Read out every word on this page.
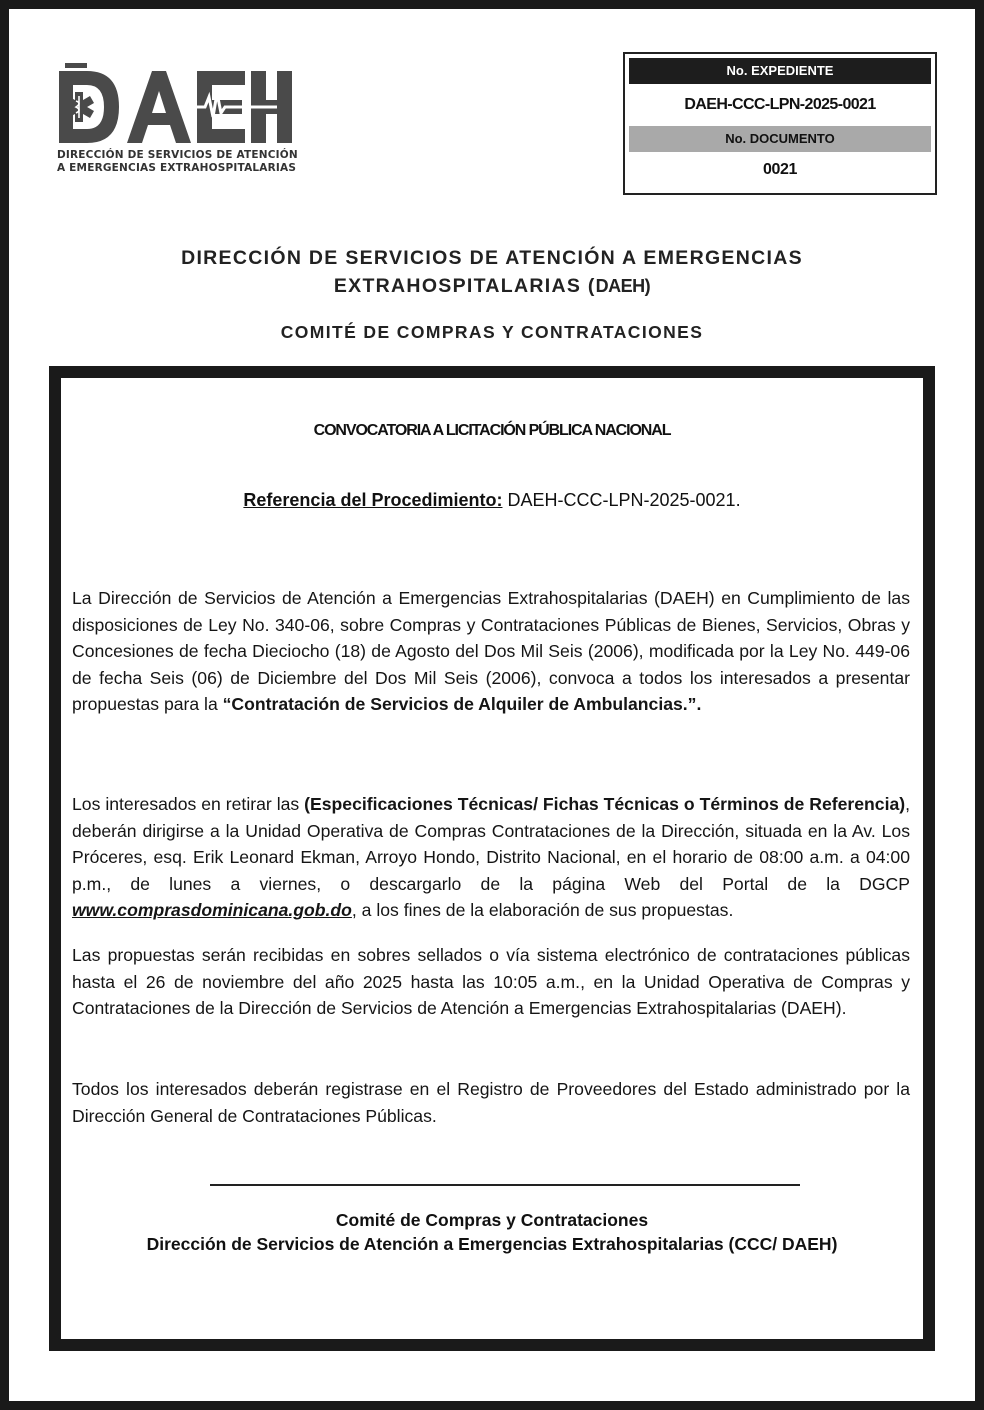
DIRECCIÓN DE SERVICIOS DE ATENCIÓN
A EMERGENCIAS EXTRAHOSPITALARIAS
No. EXPEDIENTE
DAEH-CCC-LPN-2025-0021
No. DOCUMENTO
0021
DIRECCIÓN DE SERVICIOS DE ATENCIÓN A EMERGENCIAS
EXTRAHOSPITALARIAS (DAEH)
COMITÉ DE COMPRAS Y CONTRATACIONES
CONVOCATORIA A LICITACIÓN PÚBLICA NACIONAL
Referencia del Procedimiento: DAEH-CCC-LPN-2025-0021.
La Dirección de Servicios de Atención a Emergencias Extrahospitalarias (DAEH) en Cumplimiento de las disposiciones de Ley No. 340-06, sobre Compras y Contrataciones Públicas de Bienes, Servicios, Obras y Concesiones de fecha Dieciocho (18) de Agosto del Dos Mil Seis (2006), modificada por la Ley No. 449-06 de fecha Seis (06) de Diciembre del Dos Mil Seis (2006), convoca a todos los interesados a presentar propuestas para la “Contratación de Servicios de Alquiler de Ambulancias.”.
Los interesados en retirar las (Especificaciones Técnicas/ Fichas Técnicas o Términos de Referencia), deberán dirigirse a la Unidad Operativa de Compras Contrataciones de la Dirección, situada en la Av. Los Próceres, esq. Erik Leonard Ekman, Arroyo Hondo, Distrito Nacional, en el horario de 08:00 a.m. a 04:00 p.m., de lunes a viernes, o descargarlo de la página Web del Portal de la DGCP www.comprasdominicana.gob.do, a los fines de la elaboración de sus propuestas.
Las propuestas serán recibidas en sobres sellados o vía sistema electrónico de contrataciones públicas hasta el 26 de noviembre del año 2025 hasta las 10:05 a.m., en la Unidad Operativa de Compras y Contrataciones de la Dirección de Servicios de Atención a Emergencias Extrahospitalarias (DAEH).
Todos los interesados deberán registrase en el Registro de Proveedores del Estado administrado por la Dirección General de Contrataciones Públicas.
Comité de Compras y Contrataciones
Dirección de Servicios de Atención a Emergencias Extrahospitalarias (CCC/ DAEH)
